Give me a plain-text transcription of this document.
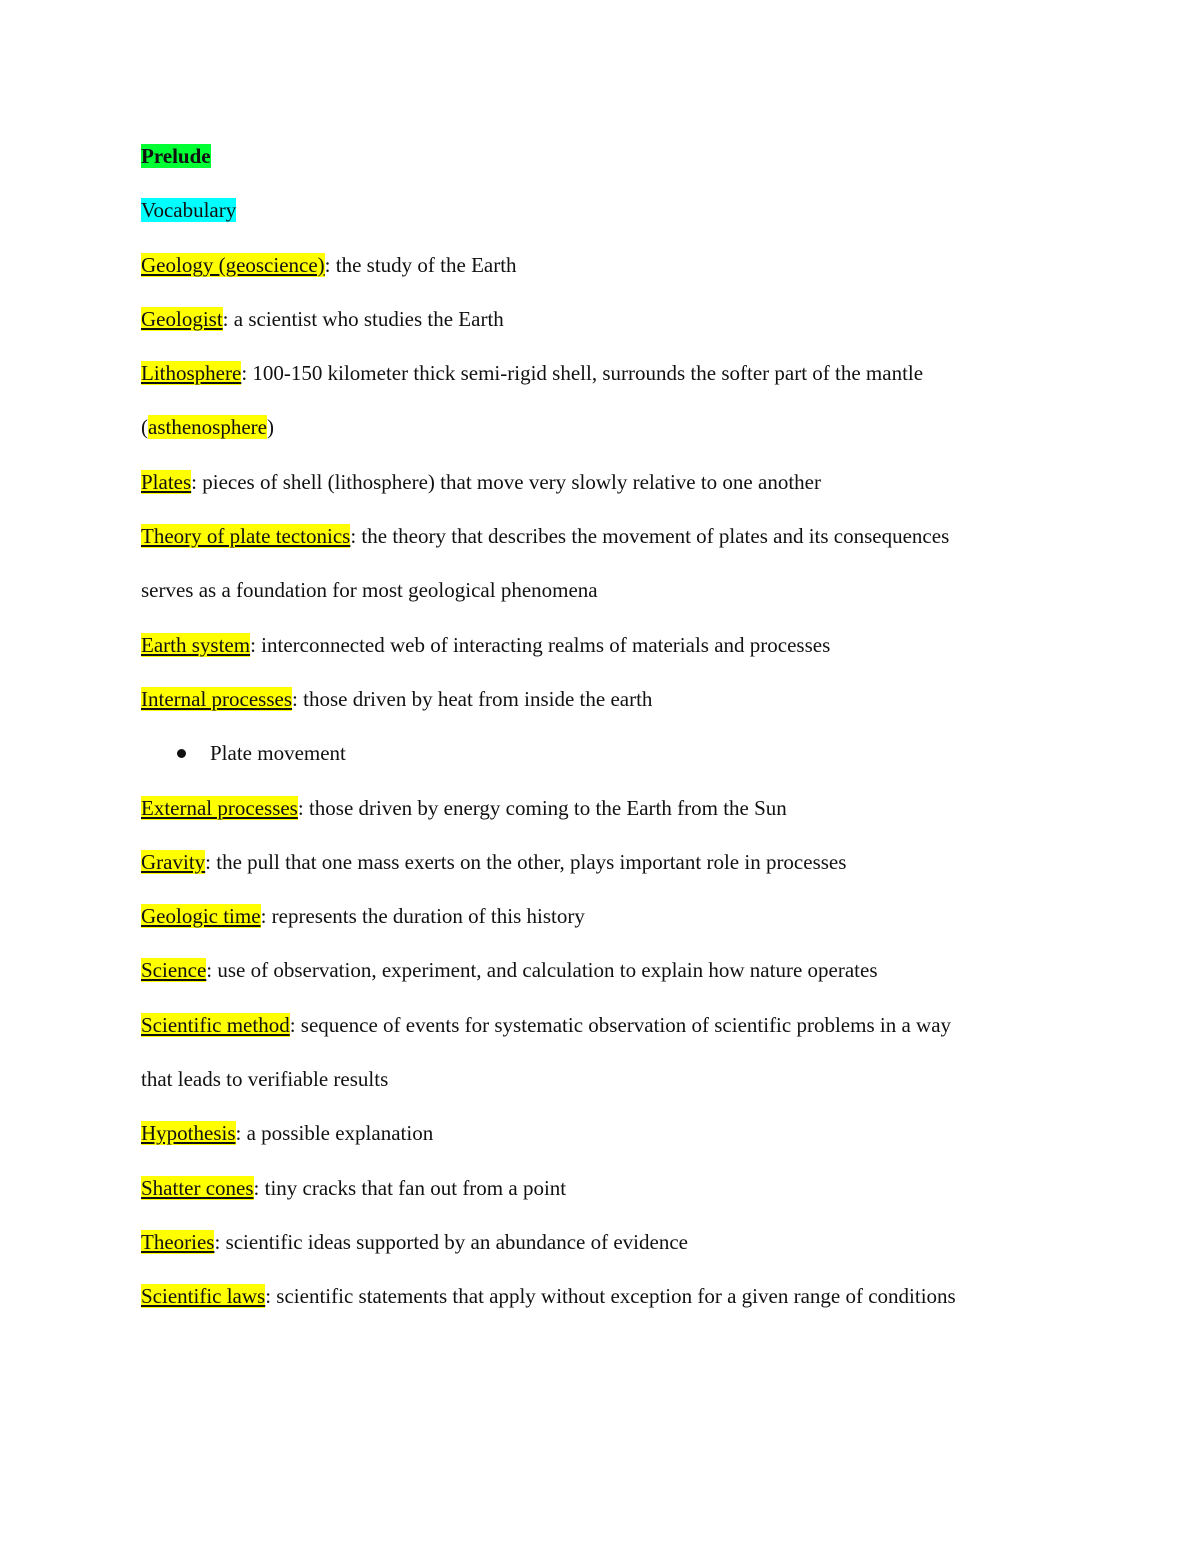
Prelude
Vocabulary
Geology (geoscience): the study of the Earth
Geologist: a scientist who studies the Earth
Lithosphere: 100-150 kilometer thick semi-rigid shell, surrounds the softer part of the mantle
(asthenosphere)
Plates: pieces of shell (lithosphere) that move very slowly relative to one another
Theory of plate tectonics: the theory that describes the movement of plates and its consequences
serves as a foundation for most geological phenomena
Earth system: interconnected web of interacting realms of materials and processes
Internal processes: those driven by heat from inside the earth
Plate movement
External processes: those driven by energy coming to the Earth from the Sun
Gravity: the pull that one mass exerts on the other, plays important role in processes
Geologic time: represents the duration of this history
Science: use of observation, experiment, and calculation to explain how nature operates
Scientific method: sequence of events for systematic observation of scientific problems in a way
that leads to verifiable results
Hypothesis: a possible explanation
Shatter cones: tiny cracks that fan out from a point
Theories: scientific ideas supported by an abundance of evidence
Scientific laws: scientific statements that apply without exception for a given range of conditions
